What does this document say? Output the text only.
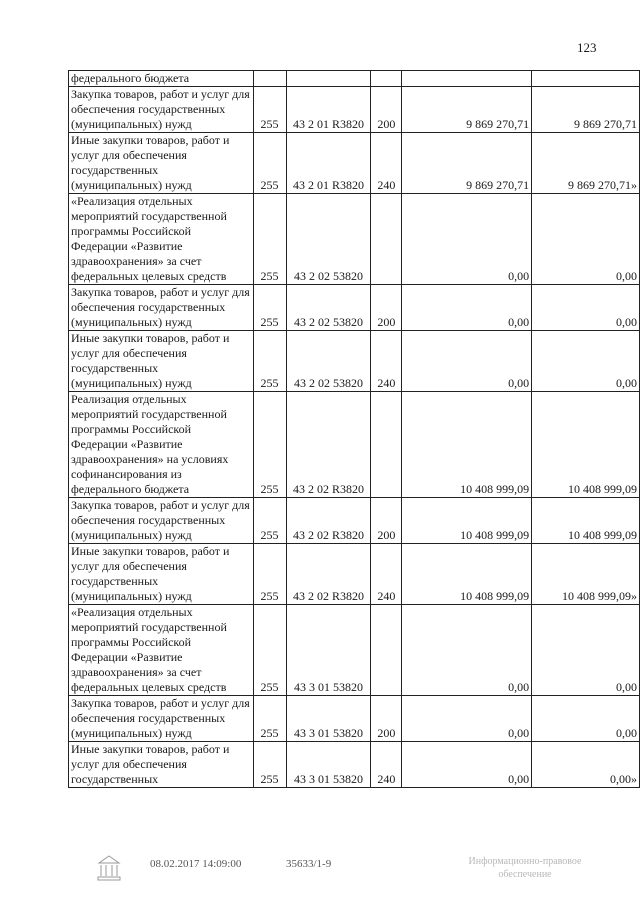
123
федерального бюджета					
Закупка товаров, работ и услуг для обеспечения государственных (муниципальных) нужд	255	43 2 01 R3820	200	9 869 270,71	9 869 270,71
Иные закупки товаров, работ и услуг для обеспечения государственных (муниципальных) нужд	255	43 2 01 R3820	240	9 869 270,71	9 869 270,71»
«Реализация отдельных мероприятий государственной программы Российской Федерации «Развитие здравоохранения» за счет федеральных целевых средств	255	43 2 02 53820		0,00	0,00
Закупка товаров, работ и услуг для обеспечения государственных (муниципальных) нужд	255	43 2 02 53820	200	0,00	0,00
Иные закупки товаров, работ и услуг для обеспечения государственных (муниципальных) нужд	255	43 2 02 53820	240	0,00	0,00
Реализация отдельных мероприятий государственной программы Российской Федерации «Развитие здравоохранения» на условиях софинансирования из федерального бюджета	255	43 2 02 R3820		10 408 999,09	10 408 999,09
Закупка товаров, работ и услуг для обеспечения государственных (муниципальных) нужд	255	43 2 02 R3820	200	10 408 999,09	10 408 999,09
Иные закупки товаров, работ и услуг для обеспечения государственных (муниципальных) нужд	255	43 2 02 R3820	240	10 408 999,09	10 408 999,09»
«Реализация отдельных мероприятий государственной программы Российской Федерации «Развитие здравоохранения» за счет федеральных целевых средств	255	43 3 01 53820		0,00	0,00
Закупка товаров, работ и услуг для обеспечения государственных (муниципальных) нужд	255	43 3 01 53820	200	0,00	0,00
Иные закупки товаров, работ и услуг для обеспечения государственных	255	43 3 01 53820	240	0,00	0,00»
08.02.2017 14:09:00	35633/1-9	Информационно-правовое обеспечение
